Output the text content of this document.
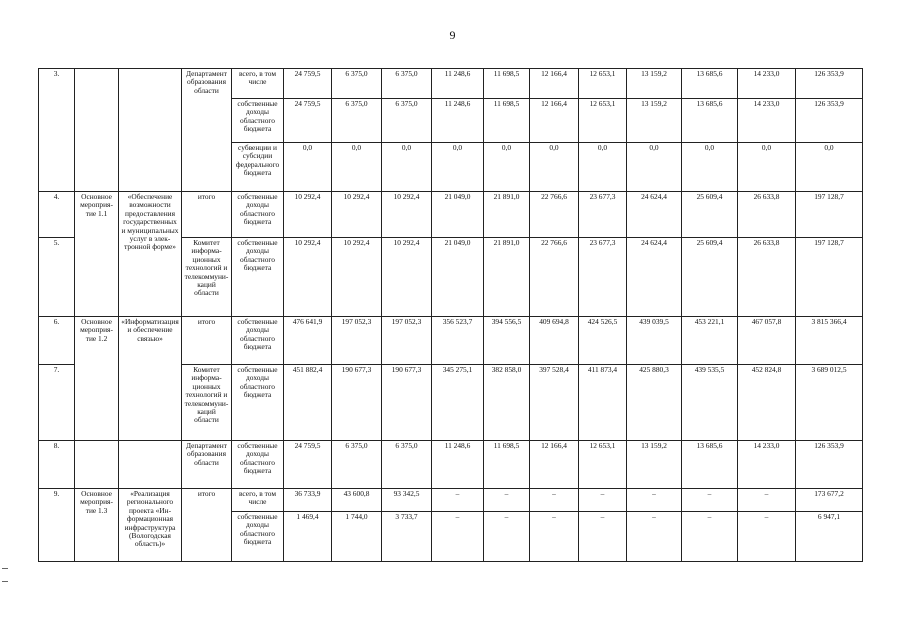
9
3.			Департамент образования области	всего, в том числе	24 759,5	6 375,0	6 375,0	11 248,6	11 698,5	12 166,4	12 653,1	13 159,2	13 685,6	14 233,0	126 353,9
				собственные доходы областного бюджета	24 759,5	6 375,0	6 375,0	11 248,6	11 698,5	12 166,4	12 653,1	13 159,2	13 685,6	14 233,0	126 353,9
				субвенции и субсидии федерального бюджета	0,0	0,0	0,0	0,0	0,0	0,0	0,0	0,0	0,0	0,0	0,0
4.	Основное мероприятие 1.1	«Обеспечение возможности предоставления государственных и муниципальных услуг в электронной форме»	итого	собственные доходы областного бюджета	10 292,4	10 292,4	10 292,4	21 049,0	21 891,0	22 766,6	23 677,3	24 624,4	25 609,4	26 633,8	197 128,7
5.			Комитет информационных технологий и телекоммуникаций области	собственные доходы областного бюджета	10 292,4	10 292,4	10 292,4	21 049,0	21 891,0	22 766,6	23 677,3	24 624,4	25 609,4	26 633,8	197 128,7
6.	Основное мероприятие 1.2	«Информатизация и обеспечение связью»	итого	собственные доходы областного бюджета	476 641,9	197 052,3	197 052,3	356 523,7	394 556,5	409 694,8	424 526,5	439 039,5	453 221,1	467 057,8	3 815 366,4
7.			Комитет информационных технологий и телекоммуникаций области	собственные доходы областного бюджета	451 882,4	190 677,3	190 677,3	345 275,1	382 858,0	397 528,4	411 873,4	425 880,3	439 535,5	452 824,8	3 689 012,5
8.			Департамент образования области	собственные доходы областного бюджета	24 759,5	6 375,0	6 375,0	11 248,6	11 698,5	12 166,4	12 653,1	13 159,2	13 685,6	14 233,0	126 353,9
9.	Основное мероприятие 1.3	«Реализация регионального проекта «Информационная инфраструктура (Вологодская область)»	итого	всего, в том числе	36 733,9	43 600,8	93 342,5	–	–	–	–	–	–	–	173 677,2
				собственные доходы областного бюджета	1 469,4	1 744,0	3 733,7	–	–	–	–	–	–	–	6 947,1
